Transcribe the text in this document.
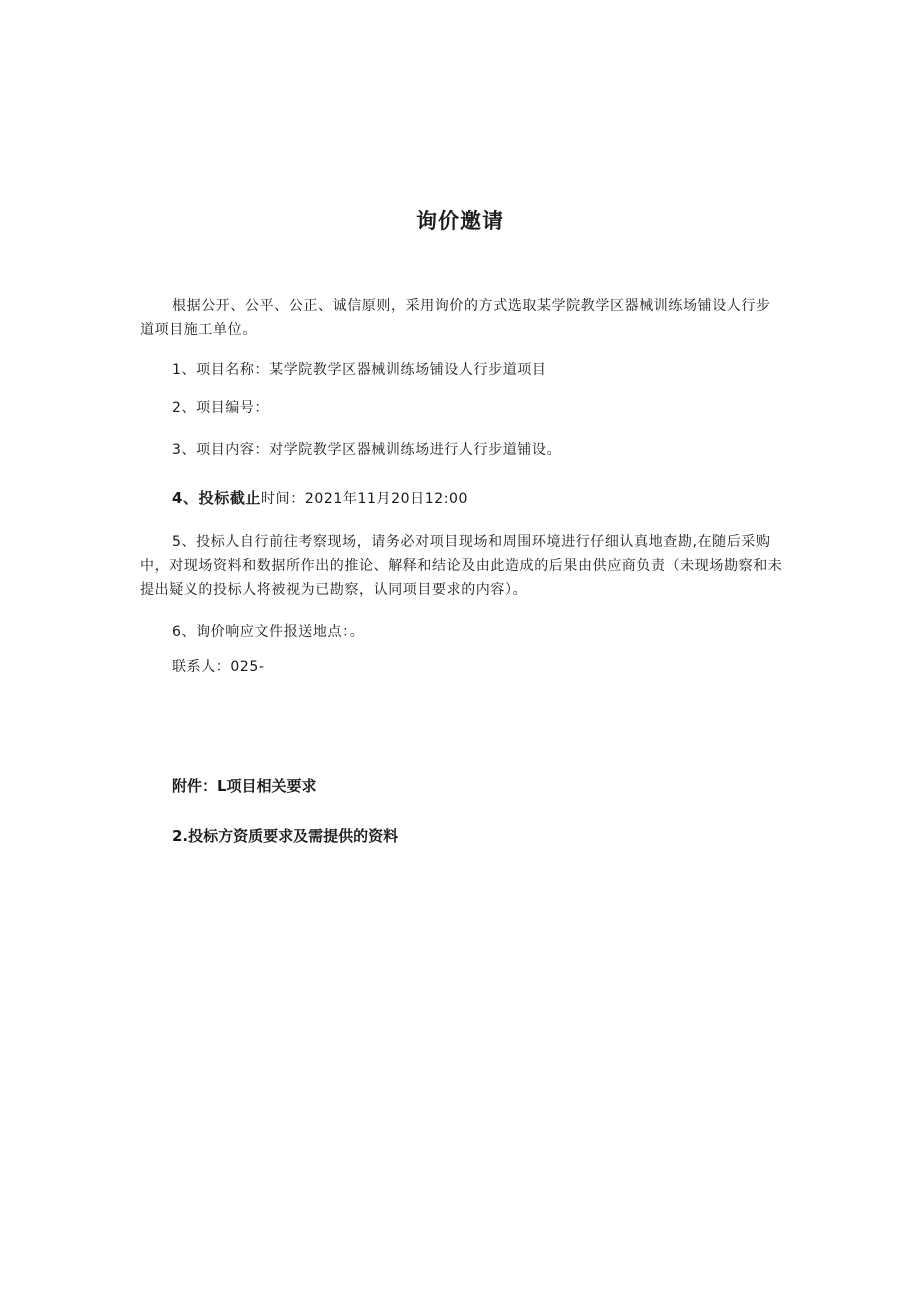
询价邀请

根据公开、公平、公正、诚信原则，采用询价的方式选取某学院教学区器械训练场铺设人行步道项目施工单位。

1、项目名称：某学院教学区器械训练场铺设人行步道项目
2、项目编号：
3、项目内容：对学院教学区器械训练场进行人行步道铺设。
4、投标截止时间：2021年11月20日12:00

5、投标人自行前往考察现场，请务必对项目现场和周围环境进行仔细认真地查勘,在随后采购中，对现场资料和数据所作出的推论、解释和结论及由此造成的后果由供应商负责（未现场勘察和未提出疑义的投标人将被视为已勘察，认同项目要求的内容）。

6、询价响应文件报送地点：。
联系人：025-
附件：L项目相关要求
2.投标方资质要求及需提供的资料
